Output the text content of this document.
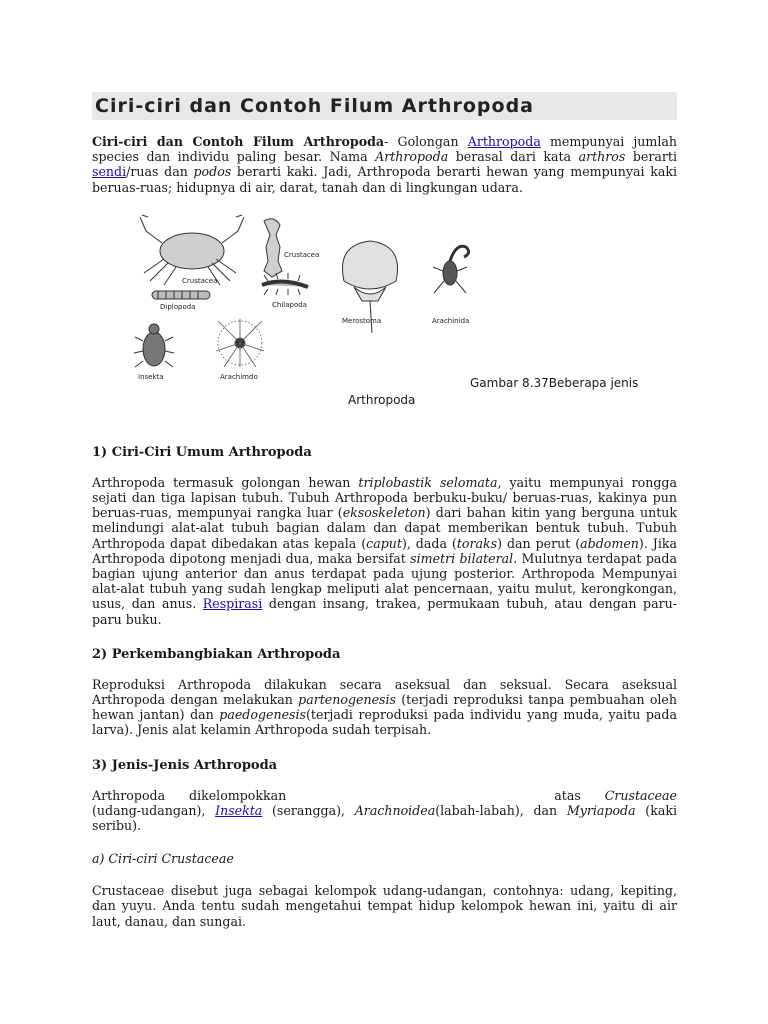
Ciri-ciri dan Contoh Filum Arthropoda

Ciri-ciri dan Contoh Filum Arthropoda- Golongan Arthropoda mempunyai jumlah species dan individu paling besar. Nama Arthropoda berasal dari kata arthros berarti sendi/ruas dan podos berarti kaki. Jadi, Arthropoda berarti hewan yang mempunyai kaki beruas-ruas; hidupnya di air, darat, tanah dan di lingkungan udara.

Crustacea
Crustacea
Diplopoda	Chilapoda
Merostoma	Arachinida
Insekta	Arachimdo	Gambar 8.37Beberapa jenis
Arthropoda
1) Ciri-Ciri Umum Arthropoda

Arthropoda termasuk golongan hewan triplobastik selomata, yaitu mempunyai rongga sejati dan tiga lapisan tubuh. Tubuh Arthropoda berbuku-buku/ beruas-ruas, kakinya pun beruas-ruas, mempunyai rangka luar (eksoskeleton) dari bahan kitin yang berguna untuk melindungi alat-alat tubuh bagian dalam dan dapat memberikan bentuk tubuh. Tubuh Arthropoda dapat dibedakan atas kepala (caput), dada (toraks) dan perut (abdomen). Jika Arthropoda dipotong menjadi dua, maka bersifat simetri bilateral. Mulutnya terdapat pada bagian ujung anterior dan anus terdapat pada ujung posterior. Arthropoda Mempunyai alat-alat tubuh yang sudah lengkap meliputi alat pencernaan, yaitu mulut, kerongkongan, usus, dan anus. Respirasi dengan insang, trakea, permukaan tubuh, atau dengan paru-paru buku.

2) Perkembangbiakan Arthropoda

Reproduksi Arthropoda dilakukan secara aseksual dan seksual. Secara aseksual Arthropoda dengan melakukan partenogenesis (terjadi reproduksi tanpa pembuahan oleh hewan jantan) dan paedogenesis(terjadi reproduksi pada individu yang muda, yaitu pada larva). Jenis alat kelamin Arthropoda sudah terpisah.

3) Jenis-Jenis Arthropoda

Arthropoda dikelompokkan	atas Crustaceae (udang-udangan), Insekta (serangga), Arachnoidea(labah-labah), dan Myriapoda (kaki seribu).

a) Ciri-ciri Crustaceae

Crustaceae disebut juga sebagai kelompok udang-udangan, contohnya: udang, kepiting, dan yuyu. Anda tentu sudah mengetahui tempat hidup kelompok hewan ini, yaitu di air laut, danau, dan sungai.
